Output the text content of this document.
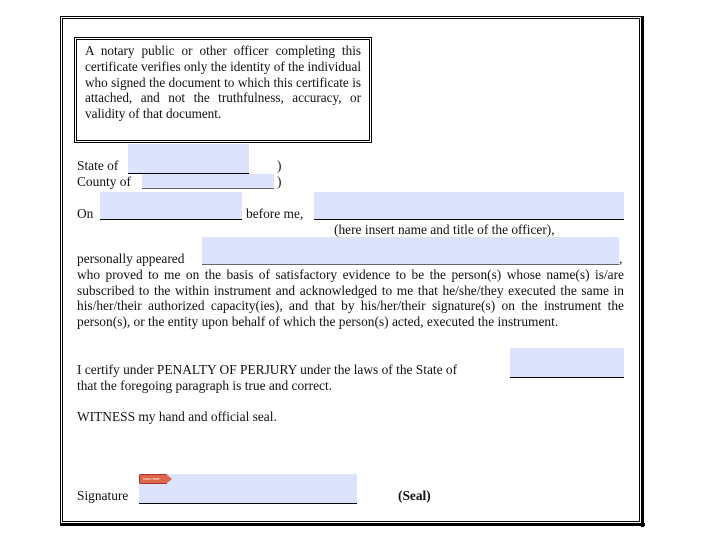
A notary public or other officer completing this certificate verifies only the identity of the individual who signed the document to which this certificate is attached, and not the truthfulness, accuracy, or validity of that document.
State of	)
County of	)
On	before me,
(here insert name and title of the officer),
personally appeared	,
who proved to me on the basis of satisfactory evidence to be the person(s) whose name(s) is/are subscribed to the within instrument and acknowledged to me that he/she/they executed the same in his/her/their authorized capacity(ies), and that by his/her/their signature(s) on the instrument the person(s), or the entity upon behalf of which the person(s) acted, executed the instrument.
I certify under PENALTY OF PERJURY under the laws of the State of
that the foregoing paragraph is true and correct.
WITNESS my hand and official seal.
Signature
SIGN HERE
(Seal)
